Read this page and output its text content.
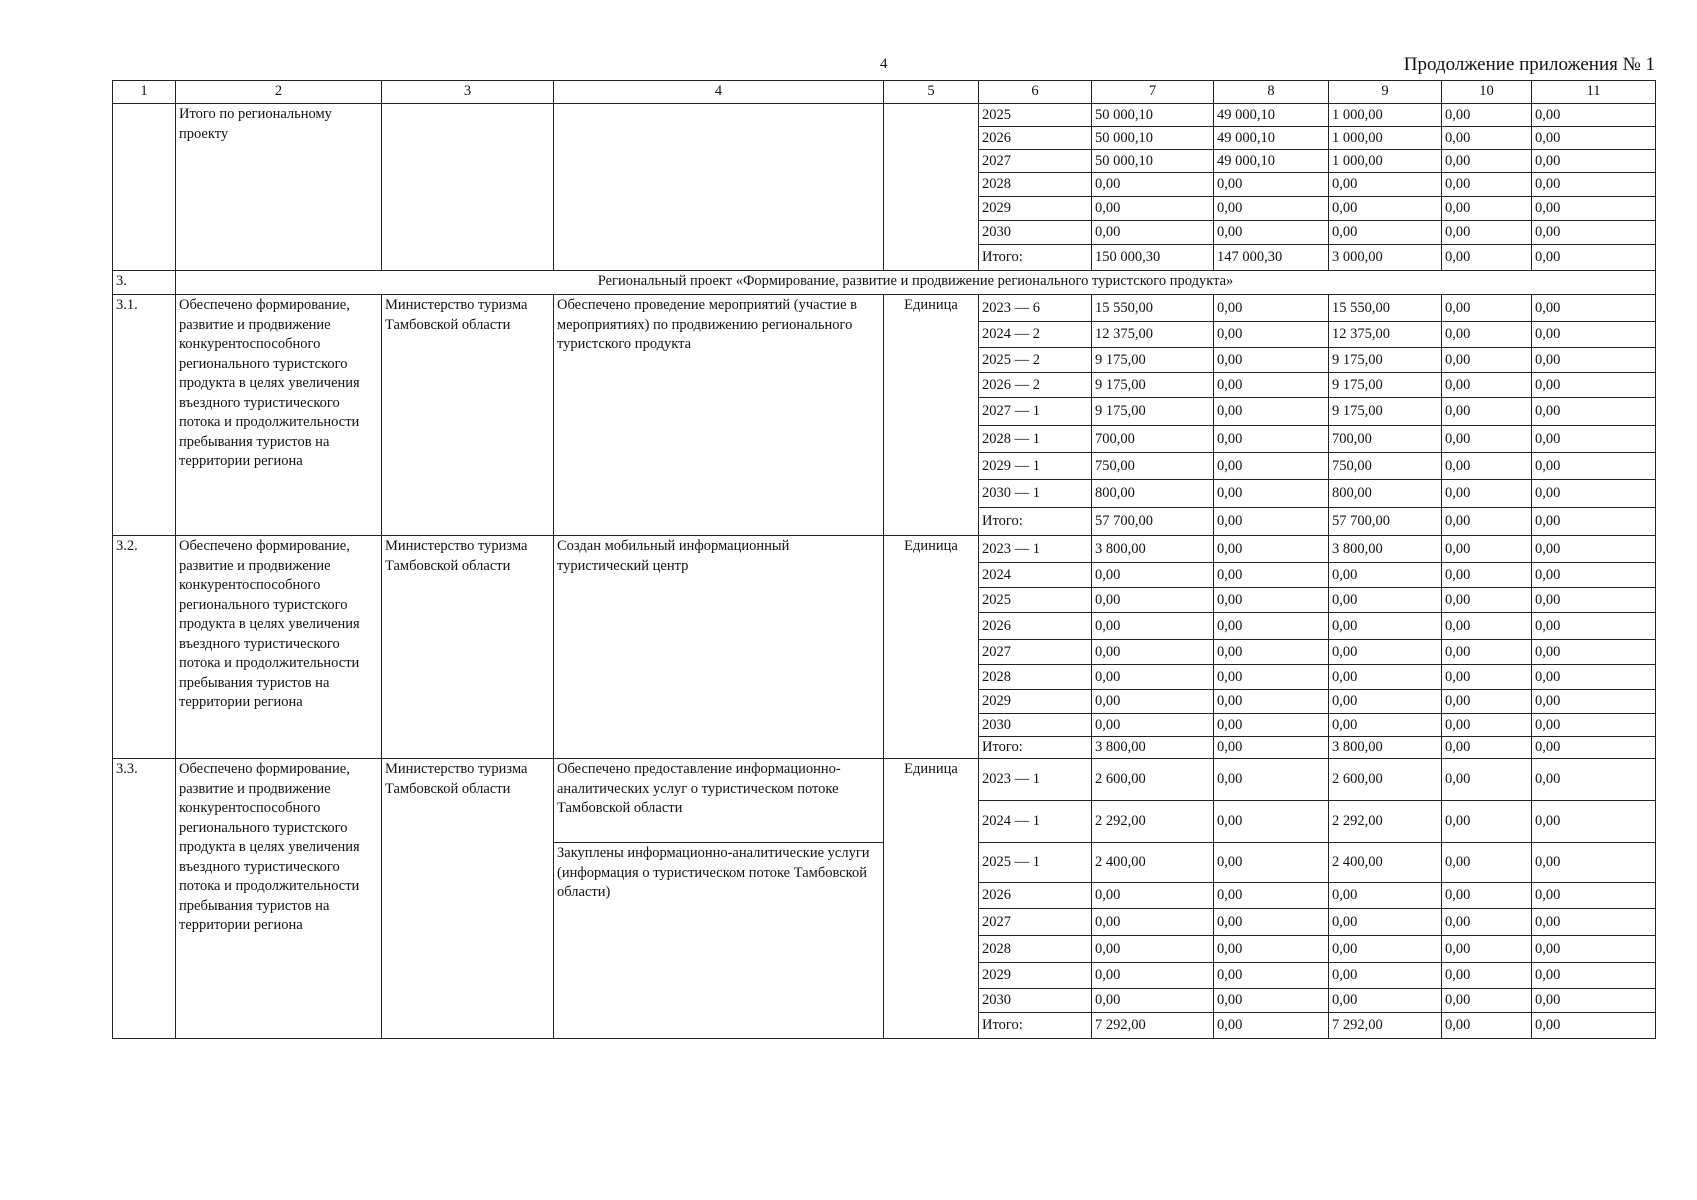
4	Продолжение приложения № 1
1	2	3	4	5	6	7	8	9	10	11
	Итого по региональному проекту				2025	50 000,10	49 000,10	1 000,00	0,00	0,00
					2026	50 000,10	49 000,10	1 000,00	0,00	0,00
					2027	50 000,10	49 000,10	1 000,00	0,00	0,00
					2028	0,00	0,00	0,00	0,00	0,00
					2029	0,00	0,00	0,00	0,00	0,00
					2030	0,00	0,00	0,00	0,00	0,00
					Итого:	150 000,30	147 000,30	3 000,00	0,00	0,00
3.	Региональный проект «Формирование, развитие и продвижение регионального туристского продукта»									
3.1.	Обеспечено формирование, развитие и продвижение конкурентоспособного регионального туристского продукта в целях увеличения въездного туристического потока и продолжительности пребывания туристов на территории региона	Министерство туризма Тамбовской области	Обеспечено проведение мероприятий (участие в мероприятиях) по продвижению регионального туристского продукта	Единица	2023 — 6	15 550,00	0,00	15 550,00	0,00	0,00
					2024 — 2	12 375,00	0,00	12 375,00	0,00	0,00
					2025 — 2	9 175,00	0,00	9 175,00	0,00	0,00
					2026 — 2	9 175,00	0,00	9 175,00	0,00	0,00
					2027 — 1	9 175,00	0,00	9 175,00	0,00	0,00
					2028 — 1	700,00	0,00	700,00	0,00	0,00
					2029 — 1	750,00	0,00	750,00	0,00	0,00
					2030 — 1	800,00	0,00	800,00	0,00	0,00
					Итого:	57 700,00	0,00	57 700,00	0,00	0,00
3.2.	Обеспечено формирование, развитие и продвижение конкурентоспособного регионального туристского продукта в целях увеличения въездного туристического потока и продолжительности пребывания туристов на территории региона	Министерство туризма Тамбовской области	Создан мобильный информационный туристический центр	Единица	2023 — 1	3 800,00	0,00	3 800,00	0,00	0,00
					2024	0,00	0,00	0,00	0,00	0,00
					2025	0,00	0,00	0,00	0,00	0,00
					2026	0,00	0,00	0,00	0,00	0,00
					2027	0,00	0,00	0,00	0,00	0,00
					2028	0,00	0,00	0,00	0,00	0,00
					2029	0,00	0,00	0,00	0,00	0,00
					2030	0,00	0,00	0,00	0,00	0,00
					Итого:	3 800,00	0,00	3 800,00	0,00	0,00
3.3.	Обеспечено формирование, развитие и продвижение конкурентоспособного регионального туристского продукта в целях увеличения въездного туристического потока и продолжительности пребывания туристов на территории региона	Министерство туризма Тамбовской области	Обеспечено предоставление информационно-аналитических услуг о туристическом потоке Тамбовской области	Единица	2023 — 1	2 600,00	0,00	2 600,00	0,00	0,00
					2024 — 1	2 292,00	0,00	2 292,00	0,00	0,00
			Закуплены информационно-аналитические услуги (информация о туристическом потоке Тамбовской области)		2025 — 1	2 400,00	0,00	2 400,00	0,00	0,00
					2026	0,00	0,00	0,00	0,00	0,00
					2027	0,00	0,00	0,00	0,00	0,00
					2028	0,00	0,00	0,00	0,00	0,00
					2029	0,00	0,00	0,00	0,00	0,00
					2030	0,00	0,00	0,00	0,00	0,00
					Итого:	7 292,00	0,00	7 292,00	0,00	0,00
